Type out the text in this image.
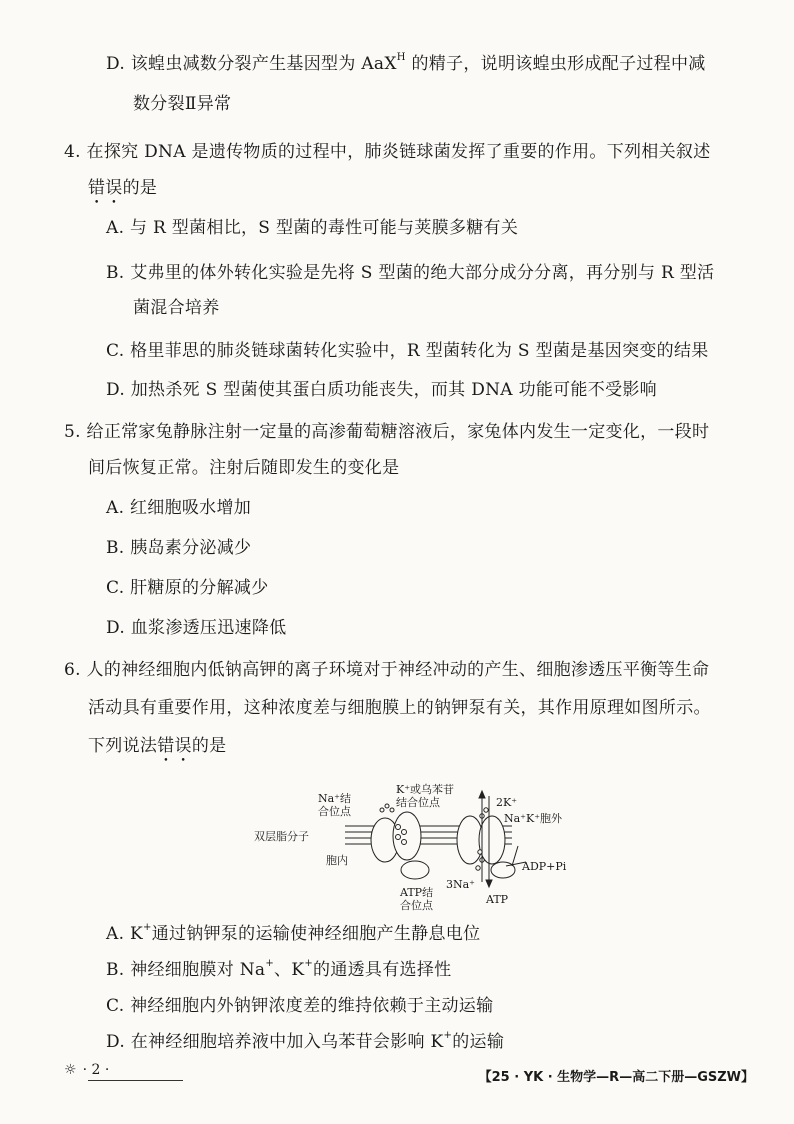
D. 该蝗虫减数分裂产生基因型为 AaX$^H$ 的精子，说明该蝗虫形成配子过程中减
数分裂Ⅱ异常
4. 在探究 DNA 是遗传物质的过程中，肺炎链球菌发挥了重要的作用。下列相关叙述
错误的是
A. 与 R 型菌相比，S 型菌的毒性可能与荚膜多糖有关
B. 艾弗里的体外转化实验是先将 S 型菌的绝大部分成分分离，再分别与 R 型活
菌混合培养
C. 格里菲思的肺炎链球菌转化实验中，R 型菌转化为 S 型菌是基因突变的结果
D. 加热杀死 S 型菌使其蛋白质功能丧失，而其 DNA 功能可能不受影响
5. 给正常家兔静脉注射一定量的高渗葡萄糖溶液后，家兔体内发生一定变化，一段时
间后恢复正常。注射后随即发生的变化是
A. 红细胞吸水增加
B. 胰岛素分泌减少
C. 肝糖原的分解减少
D. 血浆渗透压迅速降低
6. 人的神经细胞内低钠高钾的离子环境对于神经冲动的产生、细胞渗透压平衡等生命
活动具有重要作用，这种浓度差与细胞膜上的钠钾泵有关，其作用原理如图所示。
下列说法错误的是
Na⁺结
合位点
K⁺或乌苯苷
结合位点	2K⁺
Na⁺K⁺胞外
双层脂分子
胞内	ADP+Pi
3Na⁺
ATP结
合位点	ATP
A. K+通过钠钾泵的运输使神经细胞产生静息电位
B. 神经细胞膜对 Na+、K+的通透具有选择性
C. 神经细胞内外钠钾浓度差的维持依赖于主动运输
D. 在神经细胞培养液中加入乌苯苷会影响 K+的运输
☼ · 2 ·	【25 · YK · 生物学—R—高二下册—GSZW】
